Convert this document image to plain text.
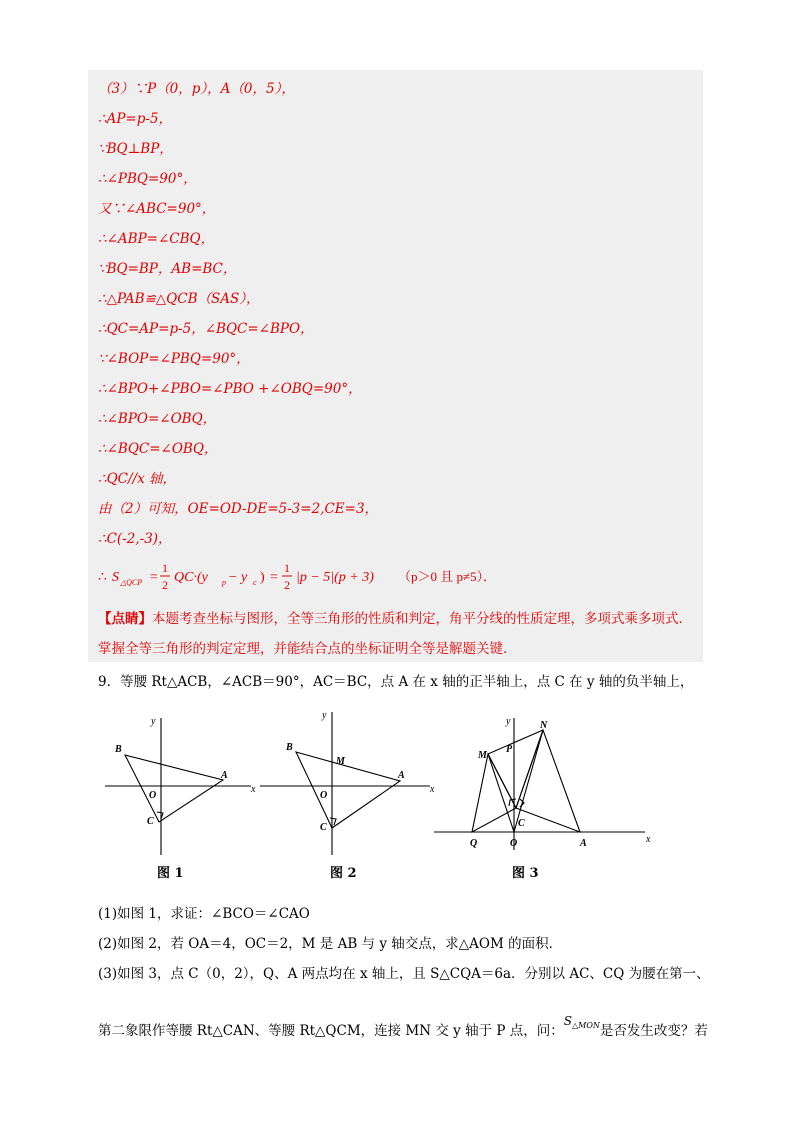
（3）∵P（0，p），A（0，5），
∴AP=p-5，
∵BQ⊥BP，
∴∠PBQ=90°，
又∵∠ABC=90°，
∴∠ABP=∠CBQ，
∵BQ=BP，AB=BC，
∴△PAB≌△QCB（SAS），
∴QC=AP=p-5，∠BQC=∠BPO，
∵∠BOP=∠PBQ=90°，
∴∠BPO+∠PBO=∠PBO +∠OBQ=90°，
∴∠BPO=∠OBQ，
∴∠BQC=∠OBQ，
∴QC//x 轴，
由（2）可知，OE=OD-DE=5-3=2,CE=3，
∴C(-2,-3)，
∴ S △QCP =
1
2 QC·(y p − y c ) =
1
2 |p − 5|(p + 3) （p＞0 且 p≠5）．
【点睛】本题考查坐标与图形，全等三角形的性质和判定，角平分线的性质定理，多项式乘多项式．掌握全等三角形的判定定理，并能结合点的坐标证明全等是解题关键．
9．等腰 Rt△ACB，∠ACB＝90°，AC＝BC，点 A 在 x 轴的正半轴上，点 C 在 y 轴的负半轴上，
B
O
A
C
x
y
图 1
B
M
O
A
C
x
y
图 2
y	N
P
M
C
Q	O	A	x
图 3
(1)如图 1，求证：∠BCO＝∠CAO
(2)如图 2，若 OA＝4，OC＝2，M 是 AB 与 y 轴交点，求△AOM 的面积．
(3)如图 3，点 C（0，2），Q、A 两点均在 x 轴上，且 S△CQA＝6a．分别以 AC、CQ 为腰在第一、
第二象限作等腰 Rt△CAN、等腰 Rt△QCM，连接 MN 交 y 轴于 P 点，问：$S^{\triangle MON}$是否发生改变？若
